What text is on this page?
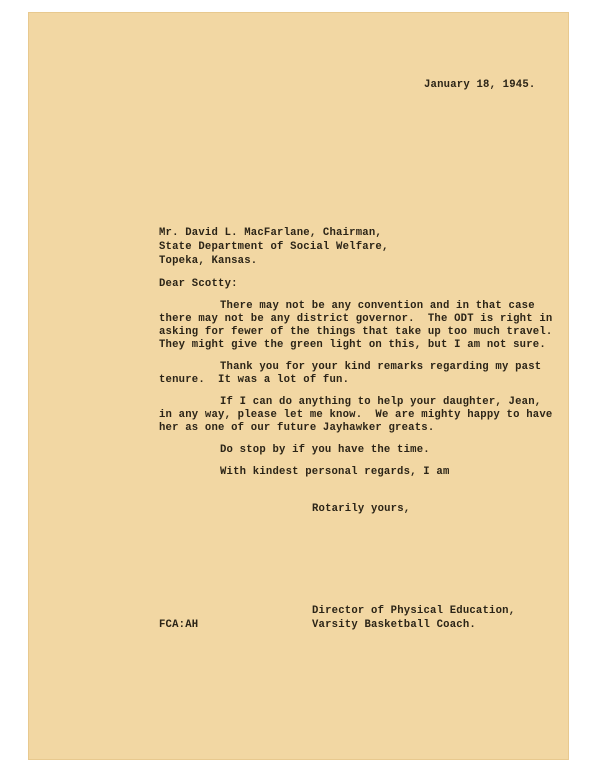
January 18, 1945.
Mr. David L. MacFarlane, Chairman,
State Department of Social Welfare,
Topeka, Kansas.
Dear Scotty:
There may not be any convention and in that case
there may not be any district governor.  The ODT is right in
asking for fewer of the things that take up too much travel.
They might give the green light on this, but I am not sure.
Thank you for your kind remarks regarding my past
tenure.  It was a lot of fun.
If I can do anything to help your daughter, Jean,
in any way, please let me know.  We are mighty happy to have
her as one of our future Jayhawker greats.
Do stop by if you have the time.
With kindest personal regards, I am
Rotarily yours,
Director of Physical Education,
Varsity Basketball Coach.
FCA:AH
